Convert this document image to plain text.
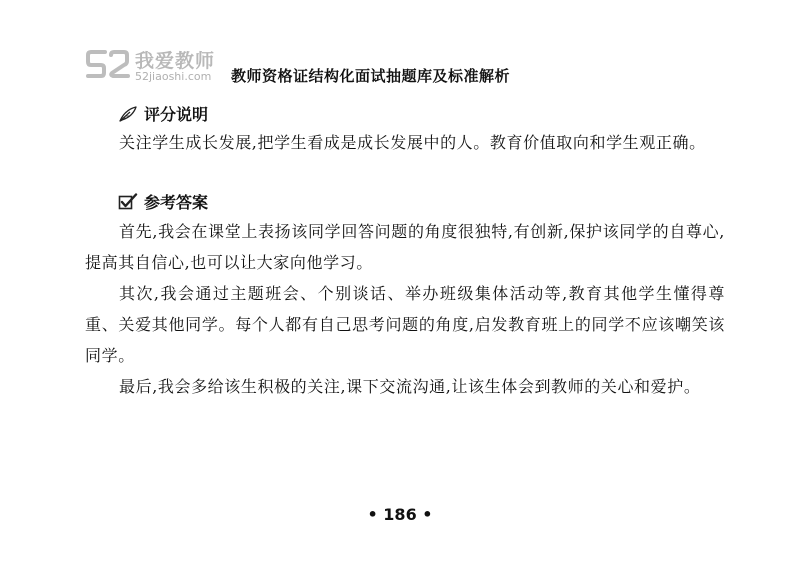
我爱教师
52jiaoshi.com 教师资格证结构化面试抽题库及标准解析
评分说明

关注学生成长发展,把学生看成是成长发展中的人。教育价值取向和学生观正确。

参考答案

首先,我会在课堂上表扬该同学回答问题的角度很独特,有创新,保护该同学的自尊心,提高其自信心,也可以让大家向他学习。

其次,我会通过主题班会、个别谈话、举办班级集体活动等,教育其他学生懂得尊重、关爱其他同学。每个人都有自己思考问题的角度,启发教育班上的同学不应该嘲笑该同学。

最后,我会多给该生积极的关注,课下交流沟通,让该生体会到教师的关心和爱护。

• 186 •
